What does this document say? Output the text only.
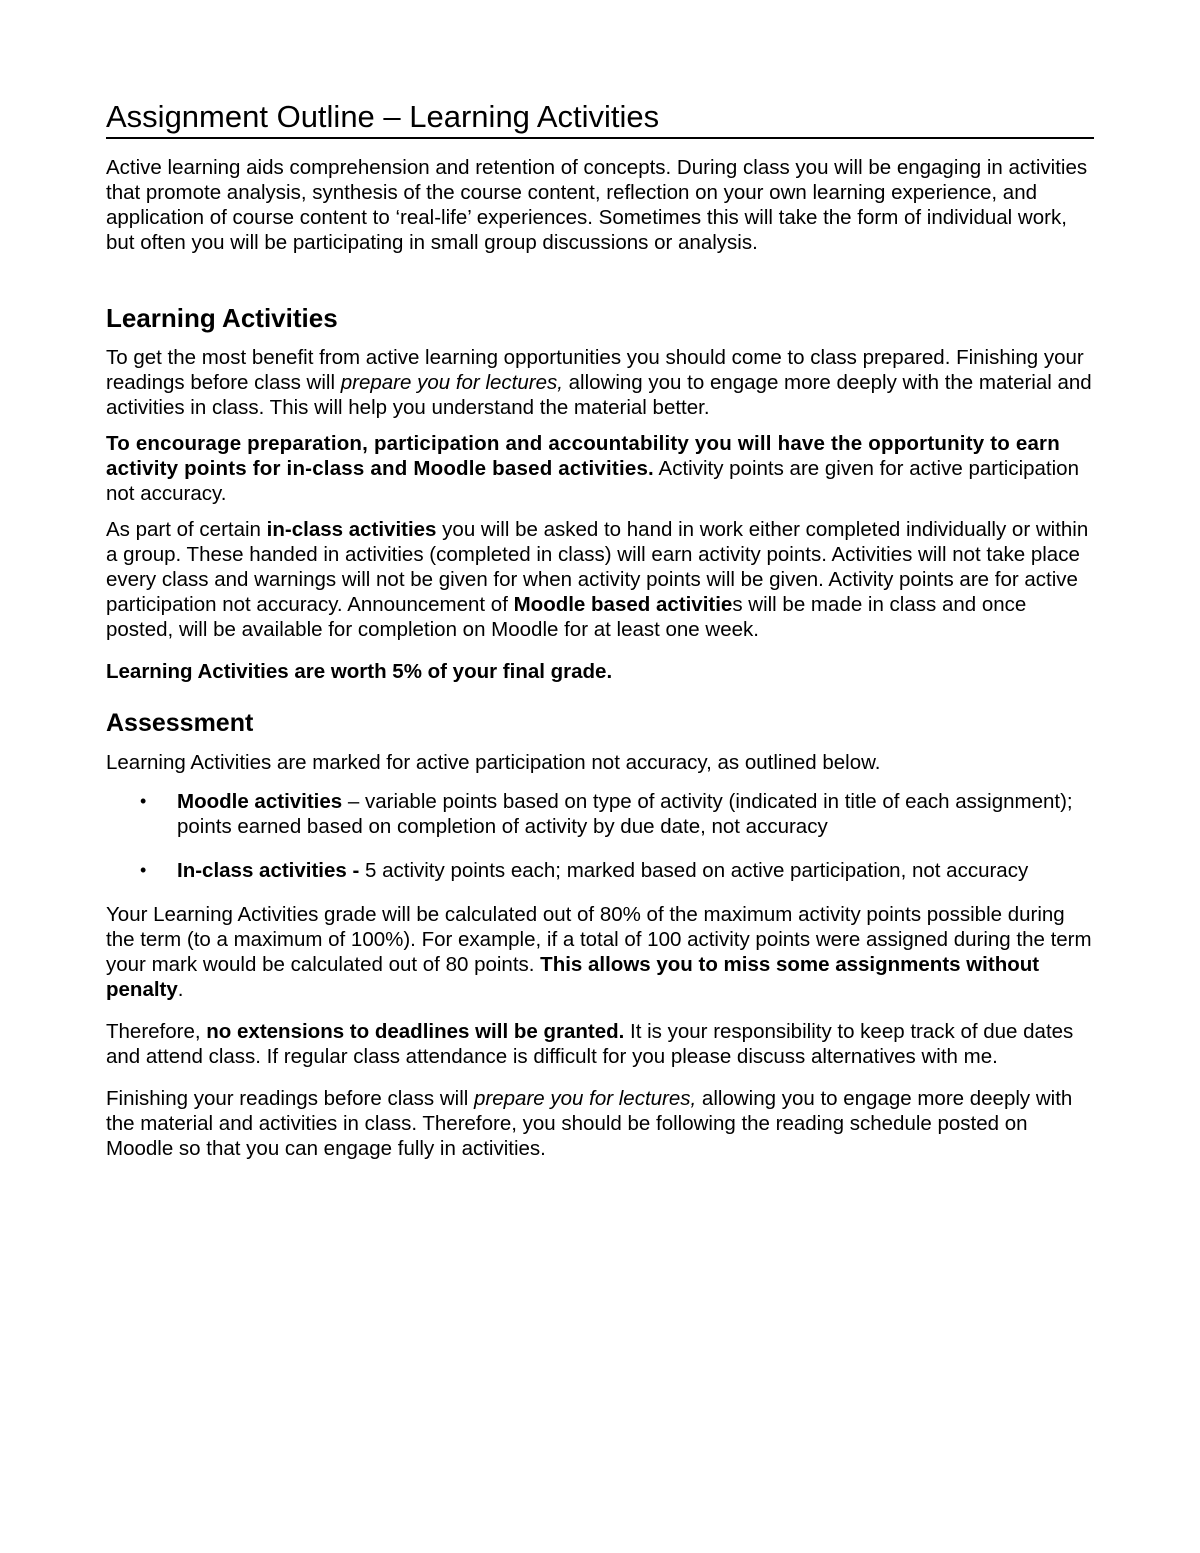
Assignment Outline – Learning Activities

Active learning aids comprehension and retention of concepts. During class you will be engaging in activities that promote analysis, synthesis of the course content, reflection on your own learning experience, and application of course content to ‘real-life’ experiences. Sometimes this will take the form of individual work, but often you will be participating in small group discussions or analysis.

Learning Activities

To get the most benefit from active learning opportunities you should come to class prepared. Finishing your readings before class will prepare you for lectures, allowing you to engage more deeply with the material and activities in class. This will help you understand the material better.

To encourage preparation, participation and accountability you will have the opportunity to earn activity points for in-class and Moodle based activities. Activity points are given for active participation not accuracy.

As part of certain in-class activities you will be asked to hand in work either completed individually or within a group. These handed in activities (completed in class) will earn activity points. Activities will not take place every class and warnings will not be given for when activity points will be given. Activity points are for active participation not accuracy. Announcement of Moodle based activities will be made in class and once posted, will be available for completion on Moodle for at least one week.

Learning Activities are worth 5% of your final grade.

Assessment

Learning Activities are marked for active participation not accuracy, as outlined below.

• Moodle activities – variable points based on type of activity (indicated in title of each assignment); points earned based on completion of activity by due date, not accuracy
• In-class activities - 5 activity points each; marked based on active participation, not accuracy

Your Learning Activities grade will be calculated out of 80% of the maximum activity points possible during the term (to a maximum of 100%). For example, if a total of 100 activity points were assigned during the term your mark would be calculated out of 80 points. This allows you to miss some assignments without penalty.

Therefore, no extensions to deadlines will be granted. It is your responsibility to keep track of due dates and attend class. If regular class attendance is difficult for you please discuss alternatives with me.

Finishing your readings before class will prepare you for lectures, allowing you to engage more deeply with the material and activities in class. Therefore, you should be following the reading schedule posted on Moodle so that you can engage fully in activities.
